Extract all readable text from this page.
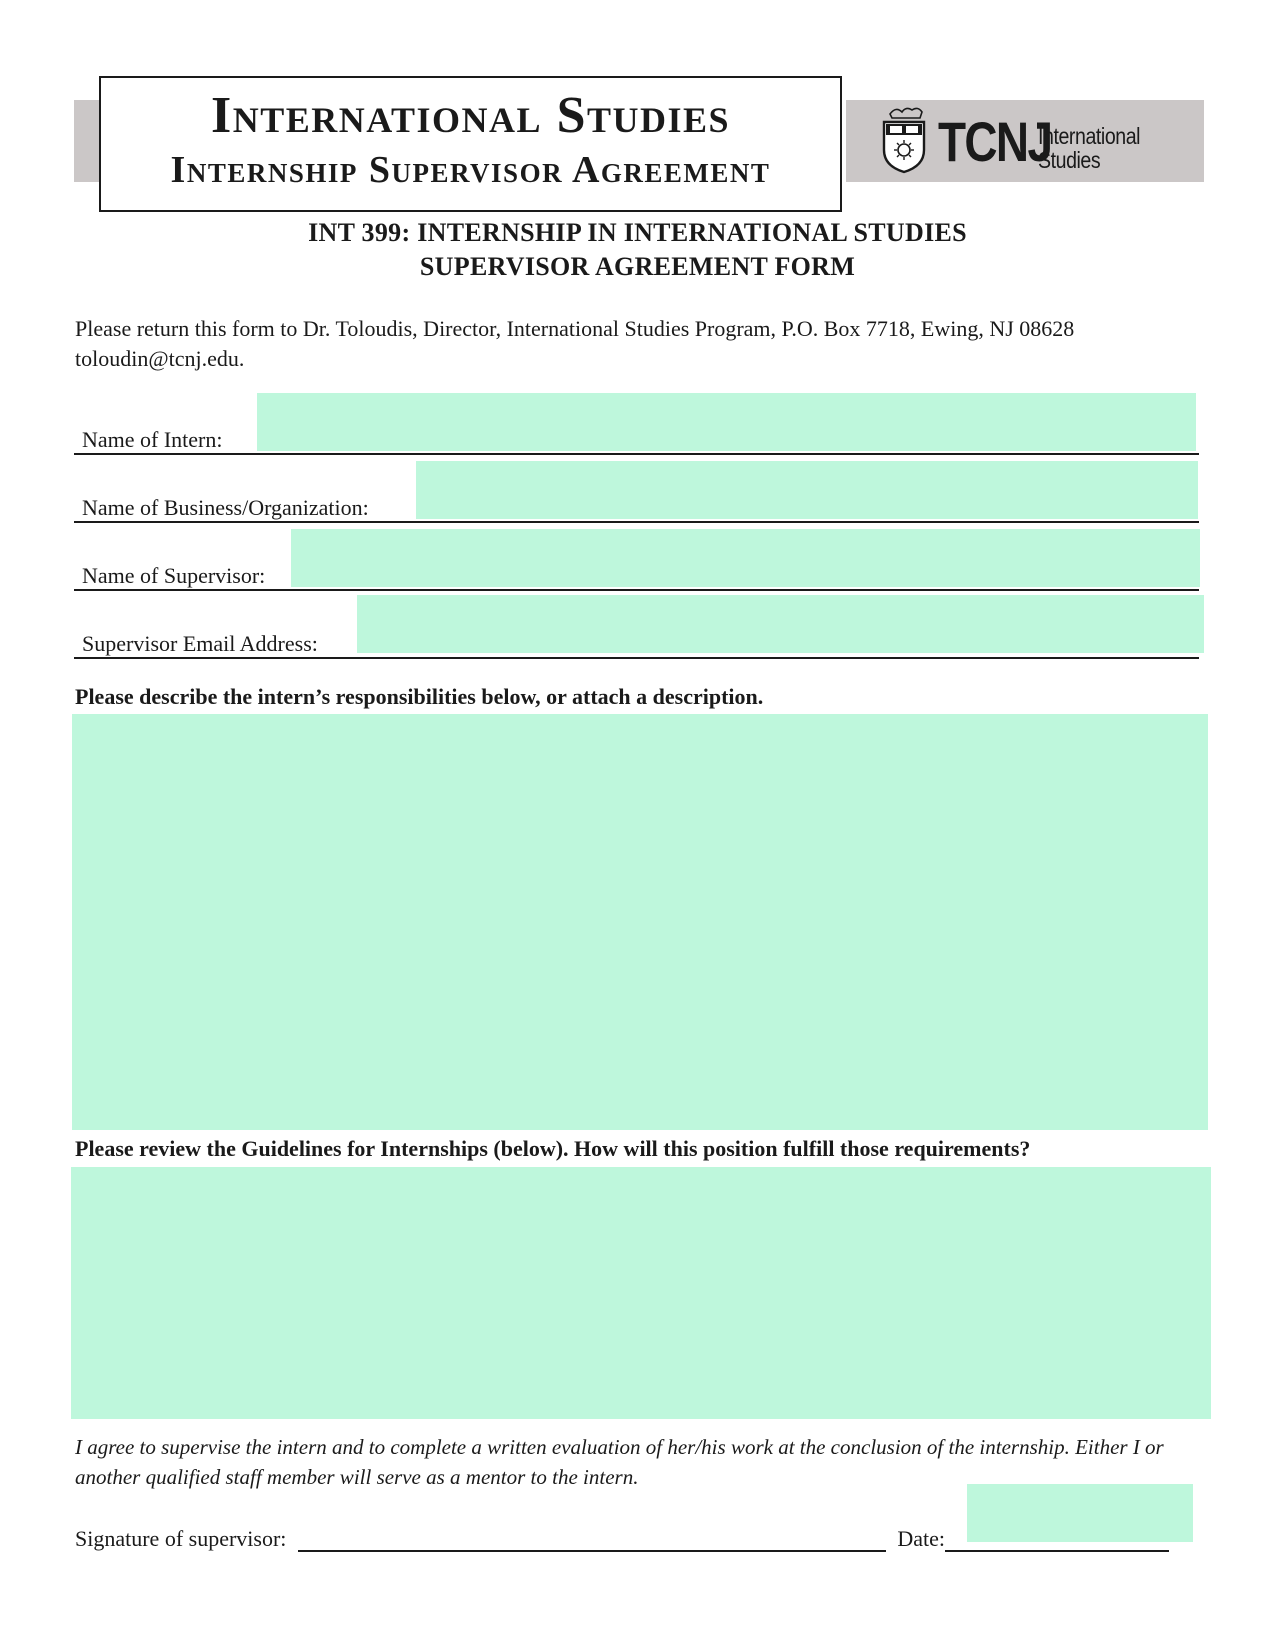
International Studies
Internship Supervisor Agreement	TCNJ
International
Studies
INT 399: INTERNSHIP IN INTERNATIONAL STUDIES
SUPERVISOR AGREEMENT FORM
Please return this form to Dr. Toloudis, Director, International Studies Program, P.O. Box 7718, Ewing, NJ 08628
toloudin@tcnj.edu.
Name of Intern:
Name of Business/Organization:
Name of Supervisor:
Supervisor Email Address:
Please describe the intern’s responsibilities below, or attach a description.
Please review the Guidelines for Internships (below). How will this position fulfill those requirements?
I agree to supervise the intern and to complete a written evaluation of her/his work at the conclusion of the internship. Either I or
another qualified staff member will serve as a mentor to the intern.
Signature of supervisor:	Date:
